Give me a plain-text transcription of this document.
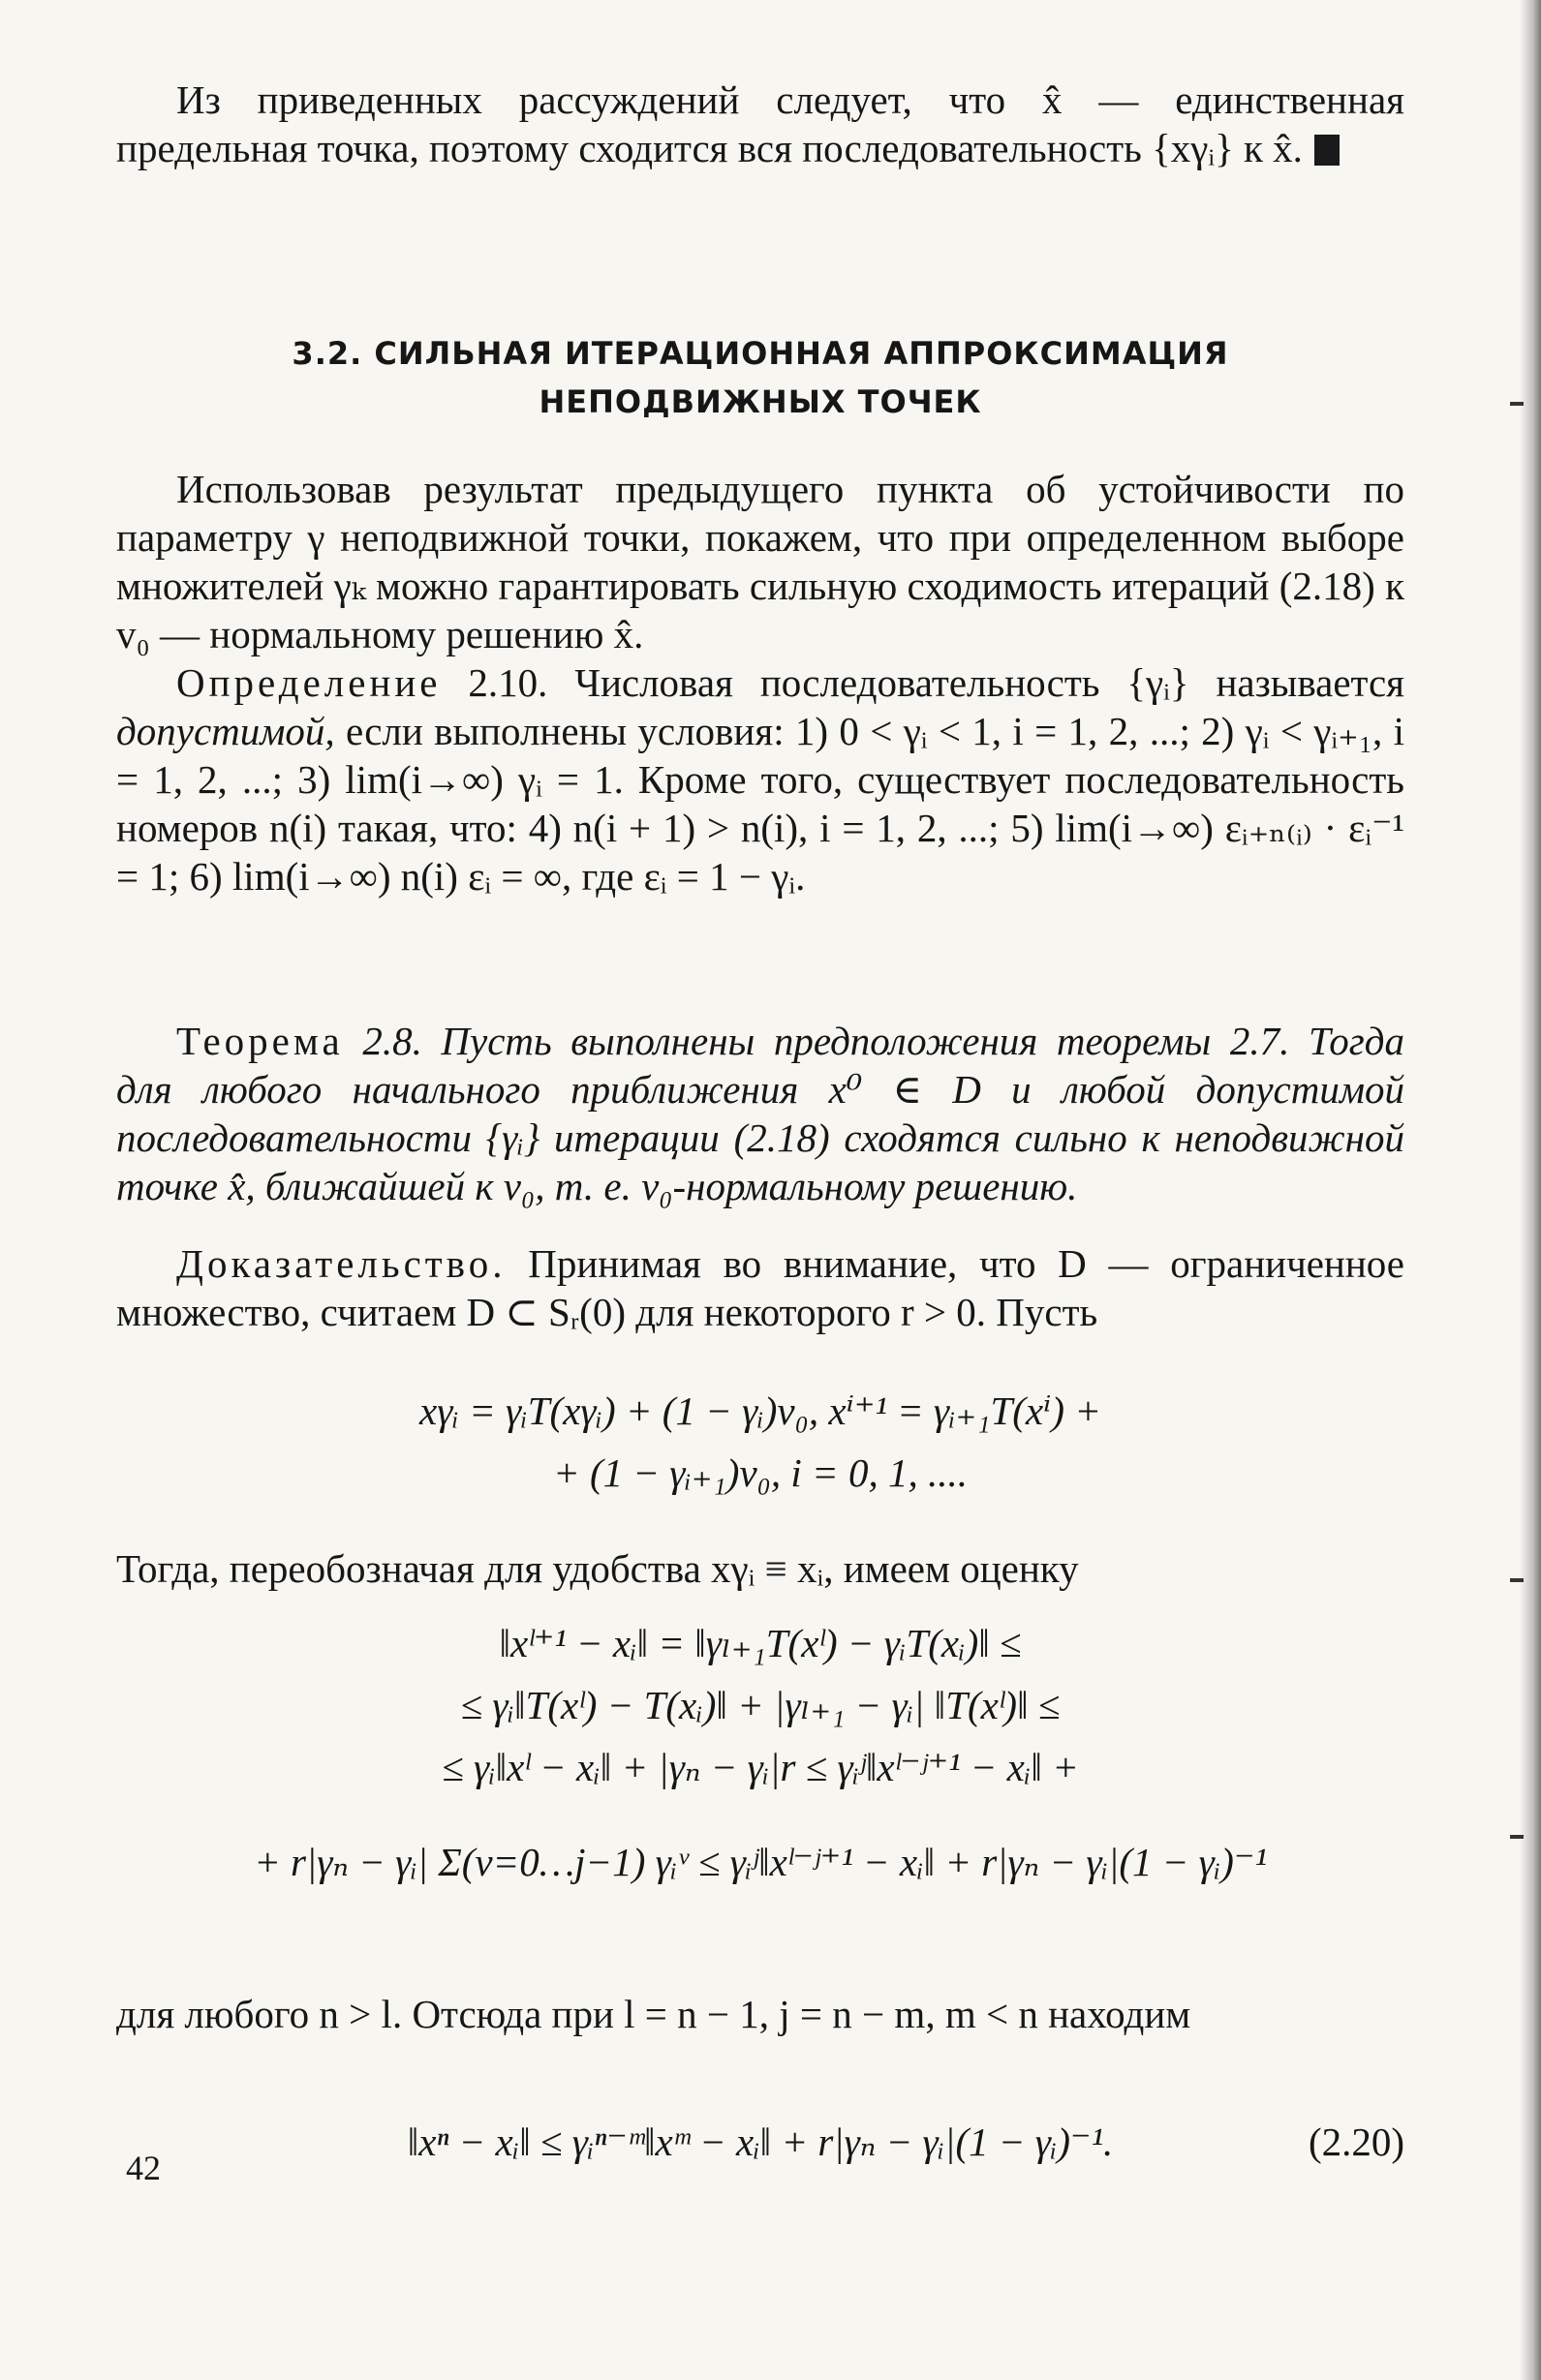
Из приведенных рассуждений следует, что x̂ — единственная предельная точка, поэтому сходится вся последовательность {xγᵢ} к x̂.

3.2. СИЛЬНАЯ ИТЕРАЦИОННАЯ АППРОКСИМАЦИЯ

НЕПОДВИЖНЫХ ТОЧЕК

Использовав результат предыдущего пункта об устойчивости по параметру γ неподвижной точки, покажем, что при определенном выборе множителей γₖ можно гарантировать сильную сходимость итераций (2.18) к v₀ — нормальному решению x̂.

Определение 2.10. Числовая последовательность {γᵢ} называется допустимой, если выполнены условия: 1) 0 < γᵢ < 1, i = 1, 2, ...; 2) γᵢ < γᵢ₊₁, i = 1, 2, ...; 3) lim(i→∞) γᵢ = 1. Кроме того, существует последовательность номеров n(i) такая, что: 4) n(i + 1) > n(i), i = 1, 2, ...; 5) lim(i→∞) εᵢ₊ₙ₍ᵢ₎ · εᵢ⁻¹ = 1; 6) lim(i→∞) n(i) εᵢ = ∞, где εᵢ = 1 − γᵢ.

Теорема 2.8. Пусть выполнены предположения теоремы 2.7. Тогда для любого начального приближения x⁰ ∈ D и любой допустимой последовательности {γᵢ} итерации (2.18) сходятся сильно к неподвижной точке x̂, ближайшей к v₀, т. е. v₀-нормальному решению.

Доказательство. Принимая во внимание, что D — ограниченное множество, считаем D ⊂ Sᵣ(0) для некоторого r > 0. Пусть

xγᵢ = γᵢT(xγᵢ) + (1 − γᵢ)v₀, xⁱ⁺¹ = γᵢ₊₁T(xⁱ) +

+ (1 − γᵢ₊₁)v₀, i = 0, 1, ....

Тогда, переобозначая для удобства xγᵢ ≡ xᵢ, имеем оценку

‖xˡ⁺¹ − xᵢ‖ = ‖γₗ₊₁T(xˡ) − γᵢT(xᵢ)‖ ≤

≤ γᵢ‖T(xˡ) − T(xᵢ)‖ + |γₗ₊₁ − γᵢ| ‖T(xˡ)‖ ≤

≤ γᵢ‖xˡ − xᵢ‖ + |γₙ − γᵢ|r ≤ γᵢʲ‖xˡ⁻ʲ⁺¹ − xᵢ‖ +

+ r|γₙ − γᵢ| Σ(ν=0…j−1) γᵢᵛ ≤ γᵢʲ‖xˡ⁻ʲ⁺¹ − xᵢ‖ + r|γₙ − γᵢ|(1 − γᵢ)⁻¹

для любого n > l. Отсюда при l = n − 1, j = n − m, m < n находим

‖xⁿ − xᵢ‖ ≤ γᵢⁿ⁻ᵐ‖xᵐ − xᵢ‖ + r|γₙ − γᵢ|(1 − γᵢ)⁻¹.	(2.20)

42
